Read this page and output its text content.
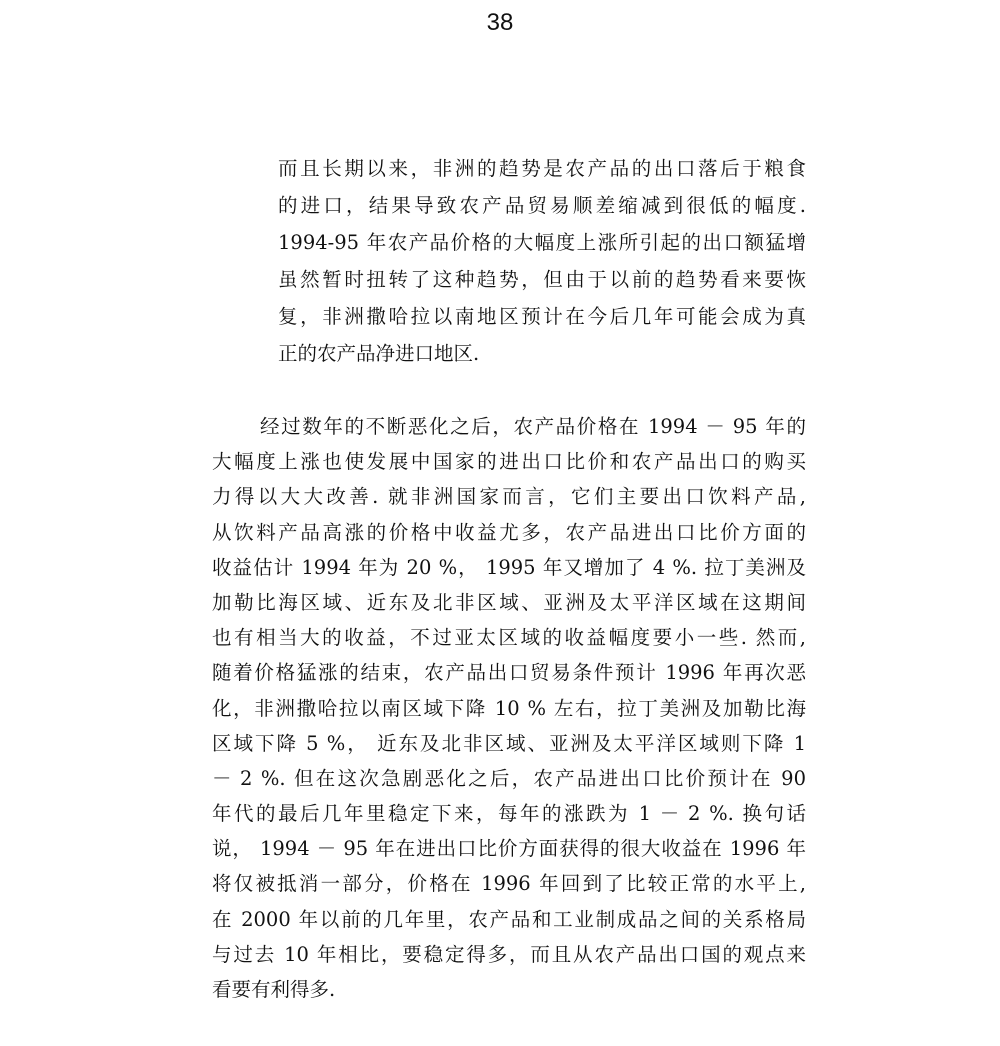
38
而且长期以来，非洲的趋势是农产品的出口落后于粮食
的进口，结果导致农产品贸易顺差缩减到很低的幅度.
1994-95 年农产品价格的大幅度上涨所引起的出口额猛增
虽然暂时扭转了这种趋势，但由于以前的趋势看来要恢
复，非洲撒哈拉以南地区预计在今后几年可能会成为真
正的农产品净进口地区.
经过数年的不断恶化之后，农产品价格在 1994 － 95 年的
大幅度上涨也使发展中国家的进出口比价和农产品出口的购买
力得以大大改善. 就非洲国家而言，它们主要出口饮料产品,
从饮料产品高涨的价格中收益尤多，农产品进出口比价方面的
收益估计 1994 年为 20 %， 1995 年又增加了 4 %. 拉丁美洲及
加勒比海区域、近东及北非区域、亚洲及太平洋区域在这期间
也有相当大的收益，不过亚太区域的收益幅度要小一些. 然而,
随着价格猛涨的结束，农产品出口贸易条件预计 1996 年再次恶
化，非洲撒哈拉以南区域下降 10 % 左右，拉丁美洲及加勒比海
区域下降 5 %， 近东及北非区域、亚洲及太平洋区域则下降 1
－ 2 %. 但在这次急剧恶化之后，农产品进出口比价预计在 90
年代的最后几年里稳定下来，每年的涨跌为 1 － 2 %. 换句话
说， 1994 － 95 年在进出口比价方面获得的很大收益在 1996 年
将仅被抵消一部分，价格在 1996 年回到了比较正常的水平上,
在 2000 年以前的几年里，农产品和工业制成品之间的关系格局
与过去 10 年相比，要稳定得多，而且从农产品出口国的观点来
看要有利得多.
